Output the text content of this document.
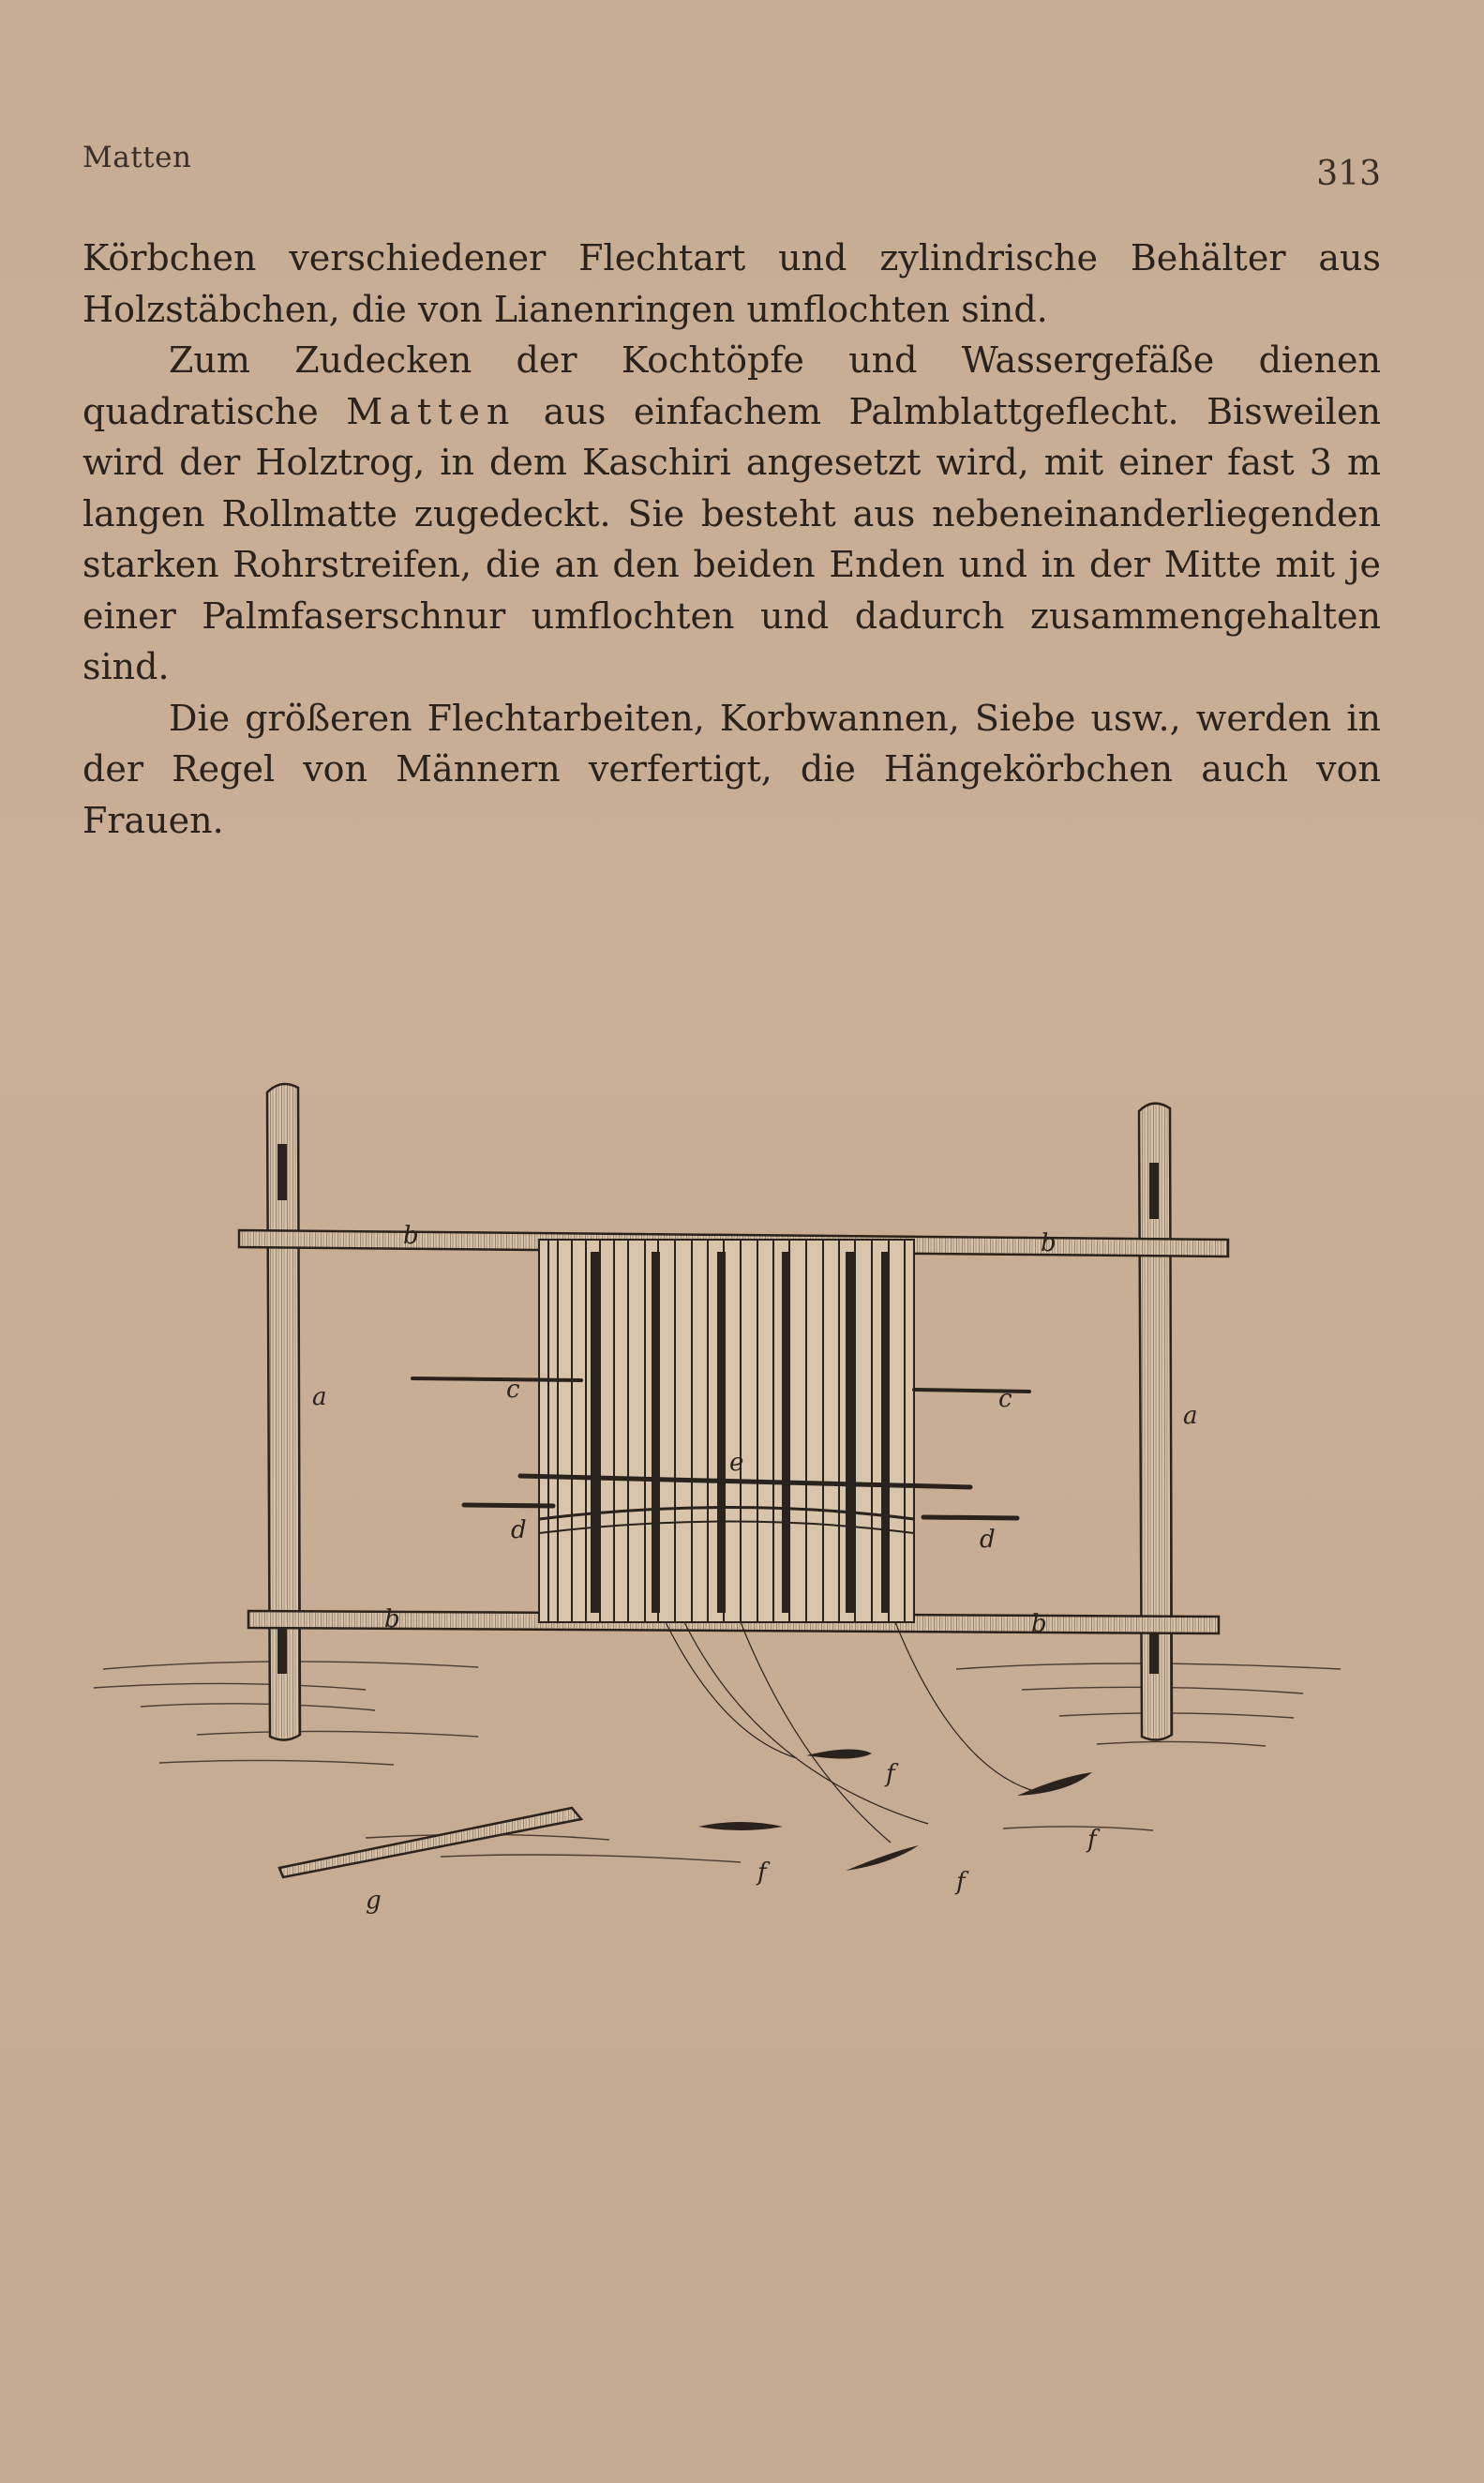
Matten	313

Körbchen verschiedener Flechtart und zylindrische Behälter aus Holzstäbchen, die von Lianenringen umflochten sind.

Zum Zudecken der Kochtöpfe und Wassergefäße dienen quadratische Matten aus einfachem Palmblattgeflecht. Bisweilen wird der Holztrog, in dem Kaschiri angesetzt wird, mit einer fast 3 m langen Rollmatte zugedeckt. Sie besteht aus nebeneinanderliegenden starken Rohrstreifen, die an den beiden Enden und in der Mitte mit je einer Palmfaserschnur umflochten und dadurch zusammengehalten sind.

Die größeren Flechtarbeiten, Korbwannen, Siebe usw., werden in der Regel von Männern verfertigt, die Hängekörbchen auch von Frauen.

a
a
b	b
b	b
c	c
d	d
e
f
f	f
f
g
